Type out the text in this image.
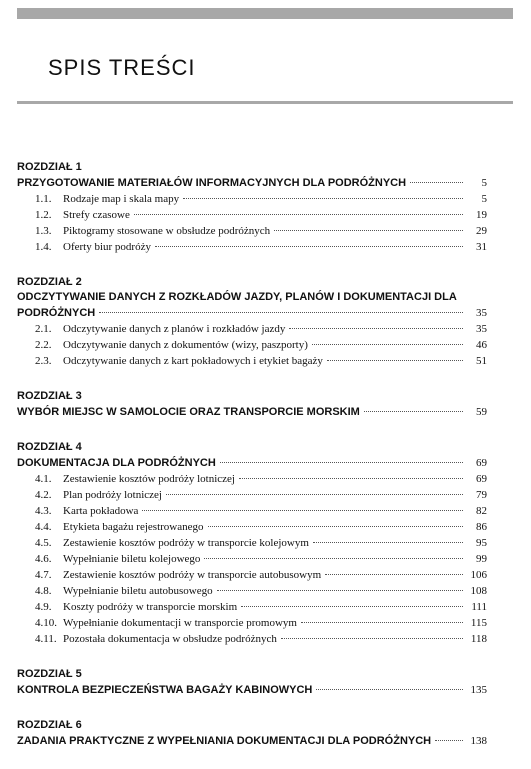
SPIS TREŚCI
ROZDZIAŁ 1
PRZYGOTOWANIE MATERIAŁÓW INFORMACYJNYCH DLA PODRÓŻNYCH	5
1.1.	Rodzaje map i skala mapy	5
1.2.	Strefy czasowe	19
1.3.	Piktogramy stosowane w obsłudze podróżnych	29
1.4.	Oferty biur podróży	31
ROZDZIAŁ 2
ODCZYTYWANIE DANYCH Z ROZKŁADÓW JAZDY, PLANÓW I DOKUMENTACJI DLA
PODRÓŻNYCH	35
2.1.	Odczytywanie danych z planów i rozkładów jazdy	35
2.2.	Odczytywanie danych z dokumentów (wizy, paszporty)	46
2.3.	Odczytywanie danych z kart pokładowych i etykiet bagaży	51
ROZDZIAŁ 3
WYBÓR MIEJSC W SAMOLOCIE ORAZ TRANSPORCIE MORSKIM	59
ROZDZIAŁ 4
DOKUMENTACJA DLA PODRÓŻNYCH	69
4.1.	Zestawienie kosztów podróży lotniczej	69
4.2.	Plan podróży lotniczej	79
4.3.	Karta pokładowa	82
4.4.	Etykieta bagażu rejestrowanego	86
4.5.	Zestawienie kosztów podróży w transporcie kolejowym	95
4.6.	Wypełnianie biletu kolejowego	99
4.7.	Zestawienie kosztów podróży w transporcie autobusowym	106
4.8.	Wypełnianie biletu autobusowego	108
4.9.	Koszty podróży w transporcie morskim	111
4.10. Wypełnianie dokumentacji w transporcie promowym	115
4.11. Pozostała dokumentacja w obsłudze podróżnych	118
ROZDZIAŁ 5
KONTROLA BEZPIECZEŃSTWA BAGAŻY KABINOWYCH	135
ROZDZIAŁ 6
ZADANIA PRAKTYCZNE Z WYPEŁNIANIA DOKUMENTACJI DLA PODRÓŻNYCH	138
